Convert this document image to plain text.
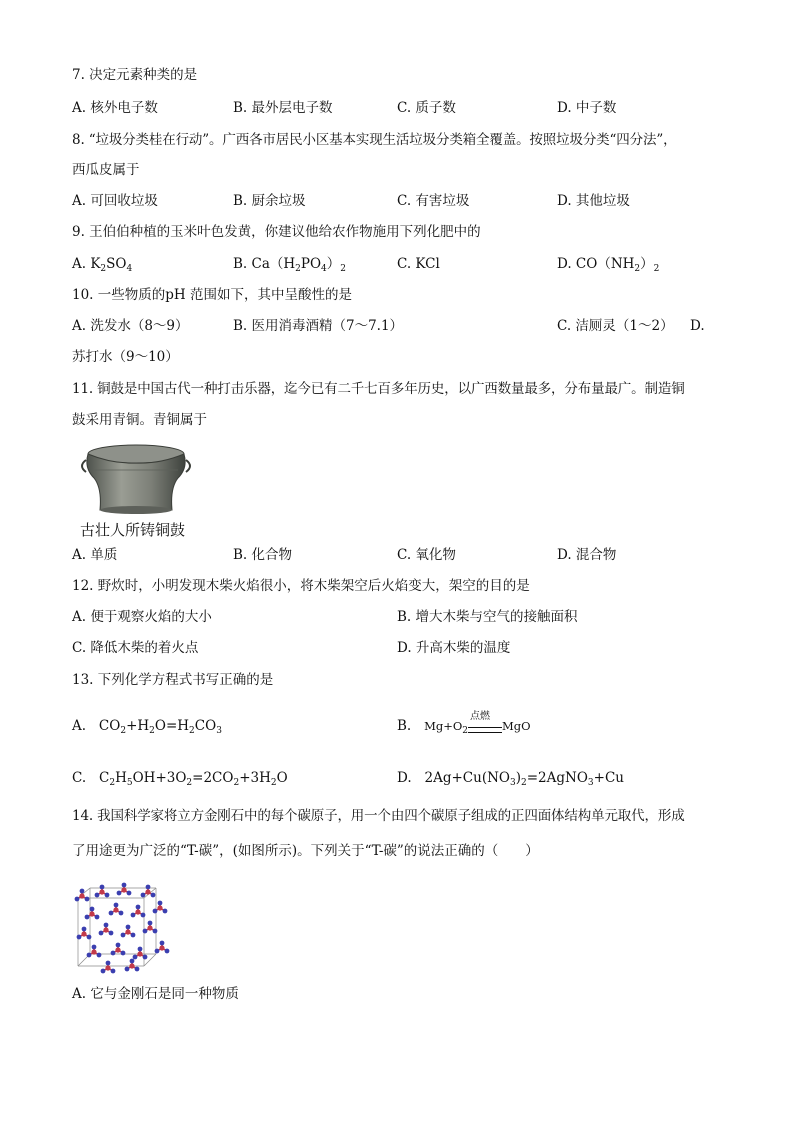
7. 决定元素种类的是
A. 核外电子数	B. 最外层电子数	C. 质子数	D. 中子数
8. “垃圾分类桂在行动”。广西各市居民小区基本实现生活垃圾分类箱全覆盖。按照垃圾分类“四分法”，
西瓜皮属于
A. 可回收垃圾	B. 厨余垃圾	C. 有害垃圾	D. 其他垃圾
9. 王伯伯种植的玉米叶色发黄，你建议他给农作物施用下列化肥中的
A. $K_2SO_4$	B. $Ca(H_2PO_4)_2$	C. KCl	D. $CO(NH_2)_2$
10. 一些物质的pH 范围如下，其中呈酸性的是
A. 洗发水（8～9）	B. 医用消毒酒精（7～7.1）	C. 洁厕灵（1～2） D.
苏打水（9～10）
11. 铜鼓是中国古代一种打击乐器，迄今已有二千七百多年历史，以广西数量最多，分布量最广。制造铜
鼓采用青铜。青铜属于
古壮人所铸铜鼓
A. 单质	B. 化合物	C. 氧化物	D. 混合物
12. 野炊时，小明发现木柴火焰很小，将木柴架空后火焰变大，架空的目的是
A. 便于观察火焰的大小	B. 增大木柴与空气的接触面积
C. 降低木柴的着火点	D. 升高木柴的温度
13. 下列化学方程式书写正确的是
A. $CO_2+H_2O=H_2CO_3$	B. $Mg+O_2$
点燃
MgO
C. $C_2H_5OH+3O_2=2CO_2+3H_2O$	D. $2Ag+Cu(NO_3)_2=2AgNO_3+Cu$
14. 我国科学家将立方金刚石中的每个碳原子，用一个由四个碳原子组成的正四面体结构单元取代，形成
了用途更为广泛的“T-碳”，(如图所示)。下列关于“T-碳”的说法正确的（　　）
A. 它与金刚石是同一种物质
